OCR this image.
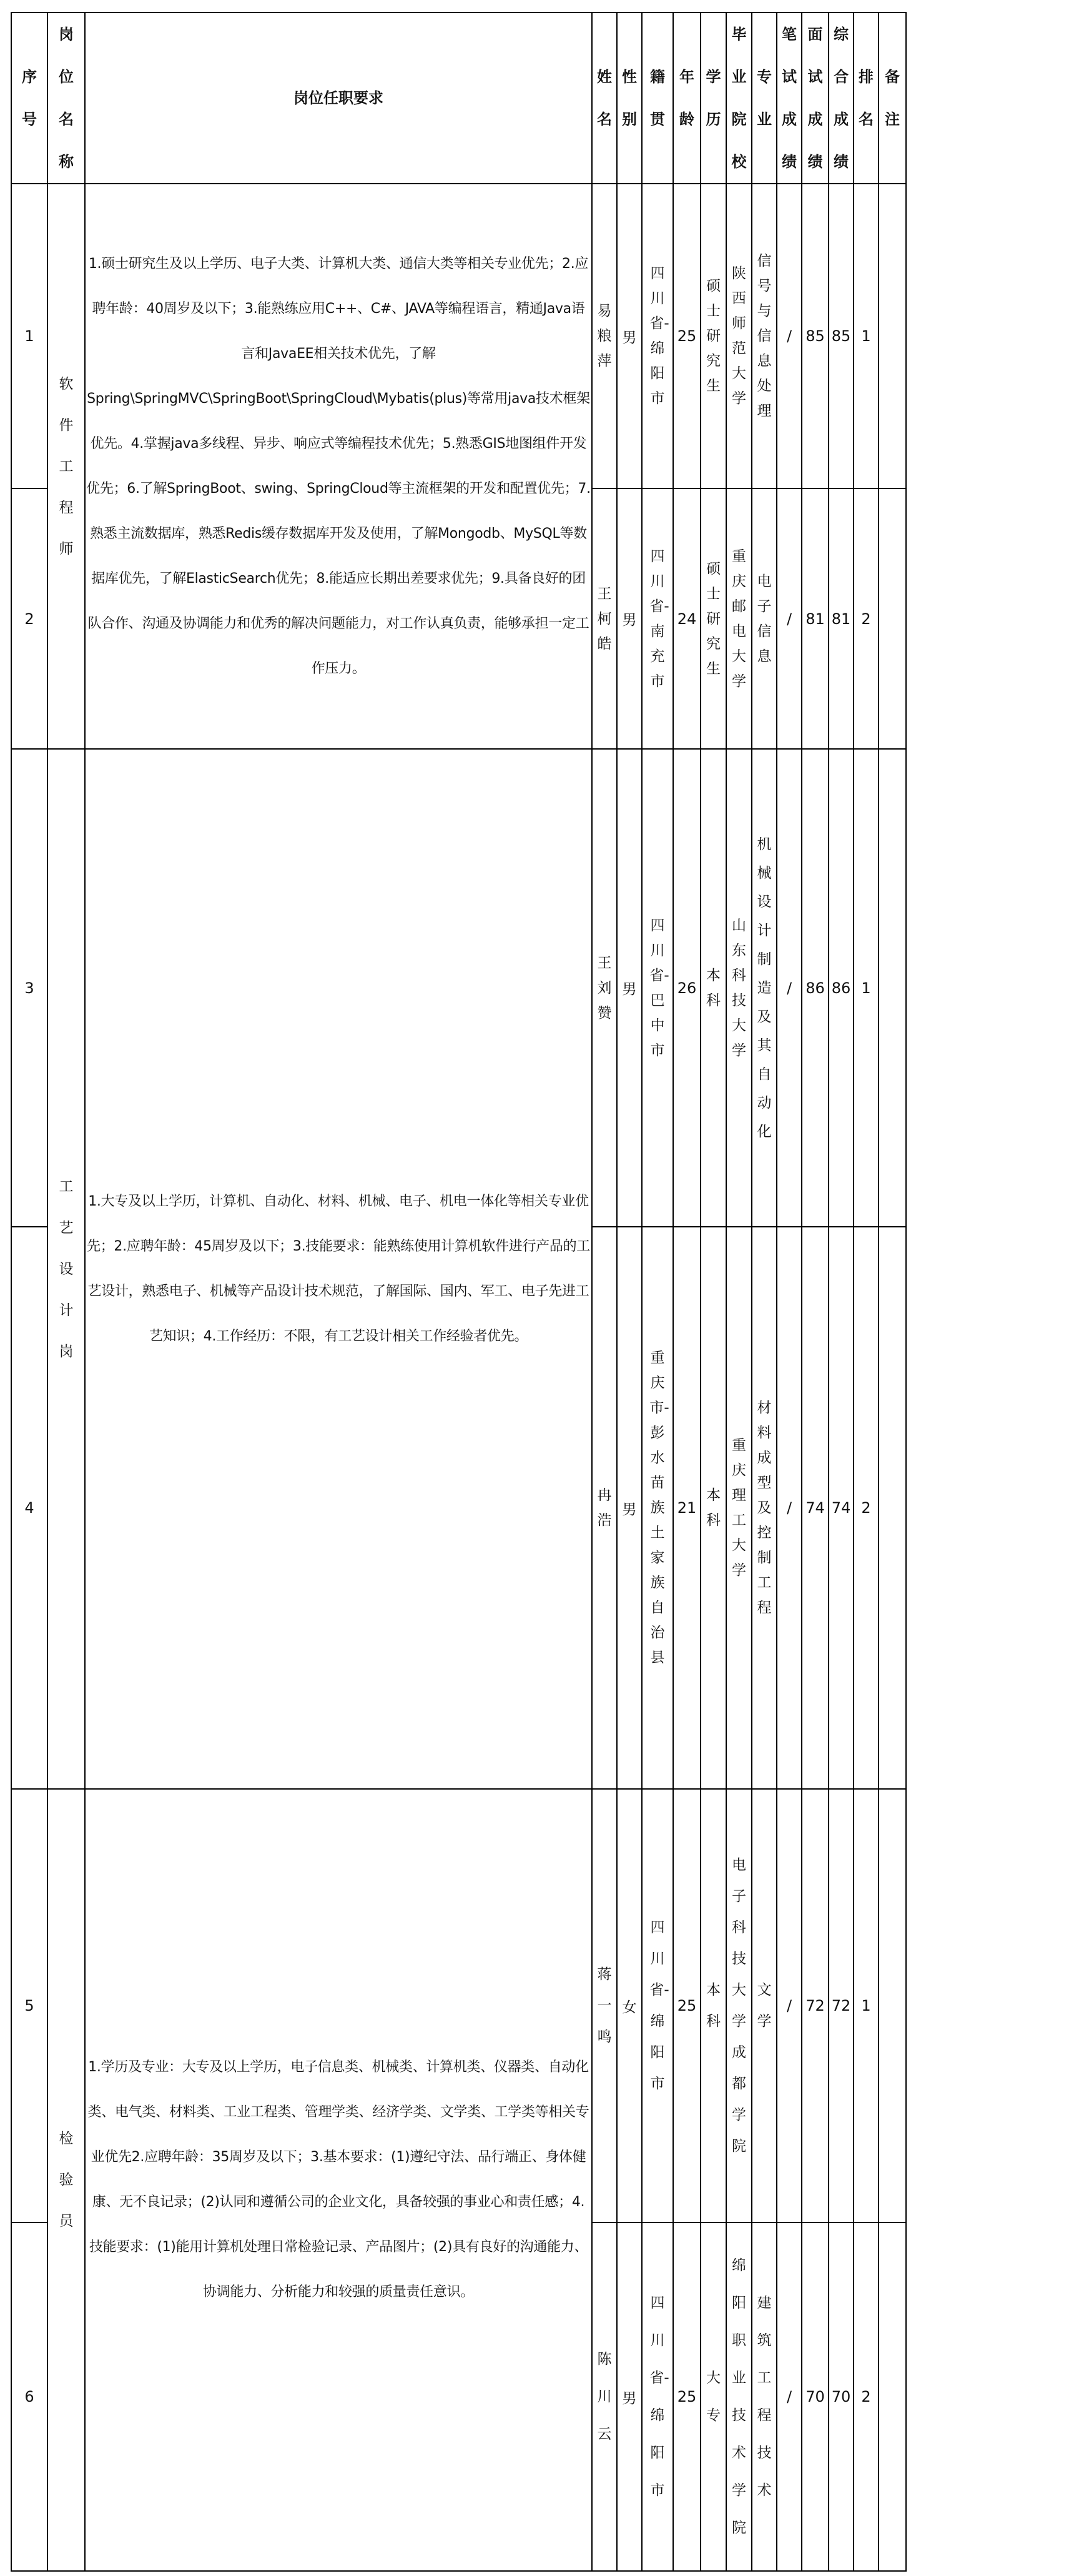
序号	岗位名称	岗位任职要求	姓名	性别	籍贯	年龄	学历	毕业院校	专业	笔试成绩	面试成绩	综合成绩	排名	备注	

1	软件工程师	1.硕士研究生及以上学历、电子大类、计算机大类、通信大类等相关专业优先；2.应聘年龄：40周岁及以下；3.能熟练应用C++、C#、JAVA等编程语言，精通Java语言和JavaEE相关技术优先，了解Spring\SpringMVC\SpringBoot\SpringCloud\Mybatis(plus)等常用java技术框架优先。4.掌握java多线程、异步、响应式等编程技术优先；5.熟悉GIS地图组件开发优先；6.了解SpringBoot、swing、SpringCloud等主流框架的开发和配置优先；7.熟悉主流数据库，熟悉Redis缓存数据库开发及使用，了解Mongodb、MySQL等数据库优先，了解ElasticSearch优先；8.能适应长期出差要求优先；9.具备良好的团队合作、沟通及协调能力和优秀的解决问题能力，对工作认真负责，能够承担一定工作压力。	易粮萍	男	四川省-绵阳市	25	硕士研究生	陕西师范大学	信号与信息处理	/	85	85	1		
2			王柯皓	男	四川省-南充市	24	硕士研究生	重庆邮电大学	电子信息	/	81	81	2		
3	工艺设计岗	1.大专及以上学历，计算机、自动化、材料、机械、电子、机电一体化等相关专业优先；2.应聘年龄：45周岁及以下；3.技能要求：能熟练使用计算机软件进行产品的工艺设计，熟悉电子、机械等产品设计技术规范，了解国际、国内、军工、电子先进工艺知识；4.工作经历：不限，有工艺设计相关工作经验者优先。	王刘赞	男	四川省-巴中市	26	本科	山东科技大学	机械设计制造及其自动化	/	86	86	1		
4			冉浩	男	重庆市-彭水苗族土家族自治县	21	本科	重庆理工大学	材料成型及控制工程	/	74	74	2		
5	检验员	1.学历及专业：大专及以上学历，电子信息类、机械类、计算机类、仪器类、自动化类、电气类、材料类、工业工程类、管理学类、经济学类、文学类、工学类等相关专业优先2.应聘年龄：35周岁及以下；3.基本要求：(1)遵纪守法、品行端正、身体健康、无不良记录；(2)认同和遵循公司的企业文化，具备较强的事业心和责任感；4.技能要求：(1)能用计算机处理日常检验记录、产品图片；(2)具有良好的沟通能力、协调能力、分析能力和较强的质量责任意识。	蒋一鸣	女	四川省-绵阳市	25	本科	电子科技大学成都学院	文学	/	72	72	1		
6			陈川云	男	四川省-绵阳市	25	大专	绵阳职业技术学院	建筑工程技术	/	70	70	2		
